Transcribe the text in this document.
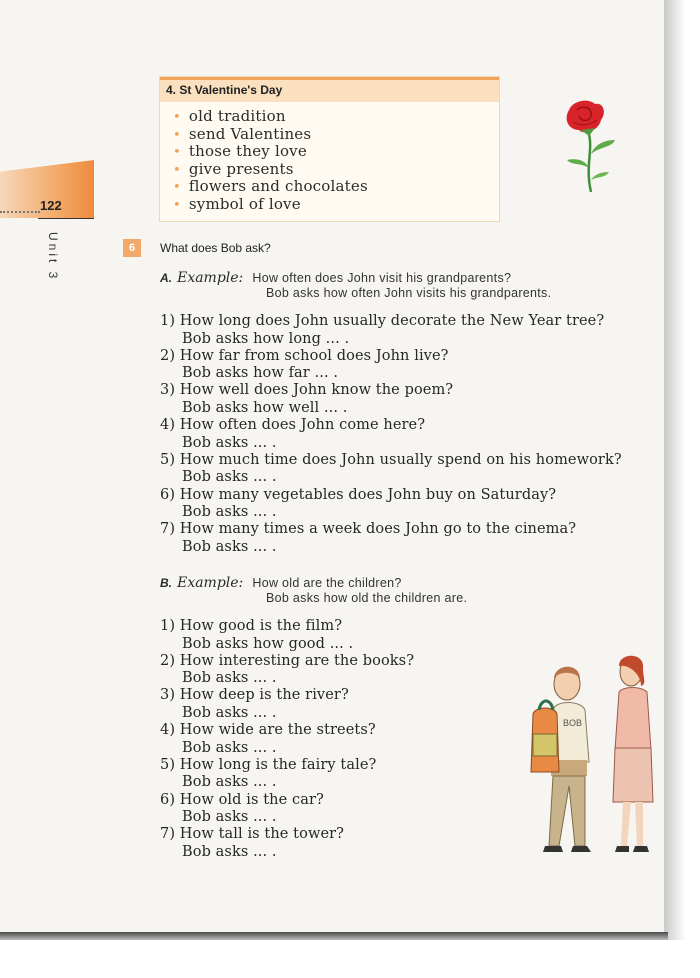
122
Unit 3
4. St Valentine's Day
• old tradition
• send Valentines
• those they love
• give presents
• flowers and chocolates
• symbol of love
6	What does Bob ask?
A. Example: How often does John visit his grandparents?
Bob asks how often John visits his grandparents.
1) How long does John usually decorate the New Year tree?
Bob asks how long ... .
2) How far from school does John live?
Bob asks how far ... .
3) How well does John know the poem?
Bob asks how well ... .
4) How often does John come here?
Bob asks ... .
5) How much time does John usually spend on his homework?
Bob asks ... .
6) How many vegetables does John buy on Saturday?
Bob asks ... .
7) How many times a week does John go to the cinema?
Bob asks ... .
B. Example: How old are the children?
Bob asks how old the children are.
1) How good is the film?
Bob asks how good ... .
2) How interesting are the books?
Bob asks ... .
3) How deep is the river?
Bob asks ... .
4) How wide are the streets?
Bob asks ... .
5) How long is the fairy tale?
Bob asks ... .
6) How old is the car?
Bob asks ... .
7) How tall is the tower?
Bob asks ... .
BOB
